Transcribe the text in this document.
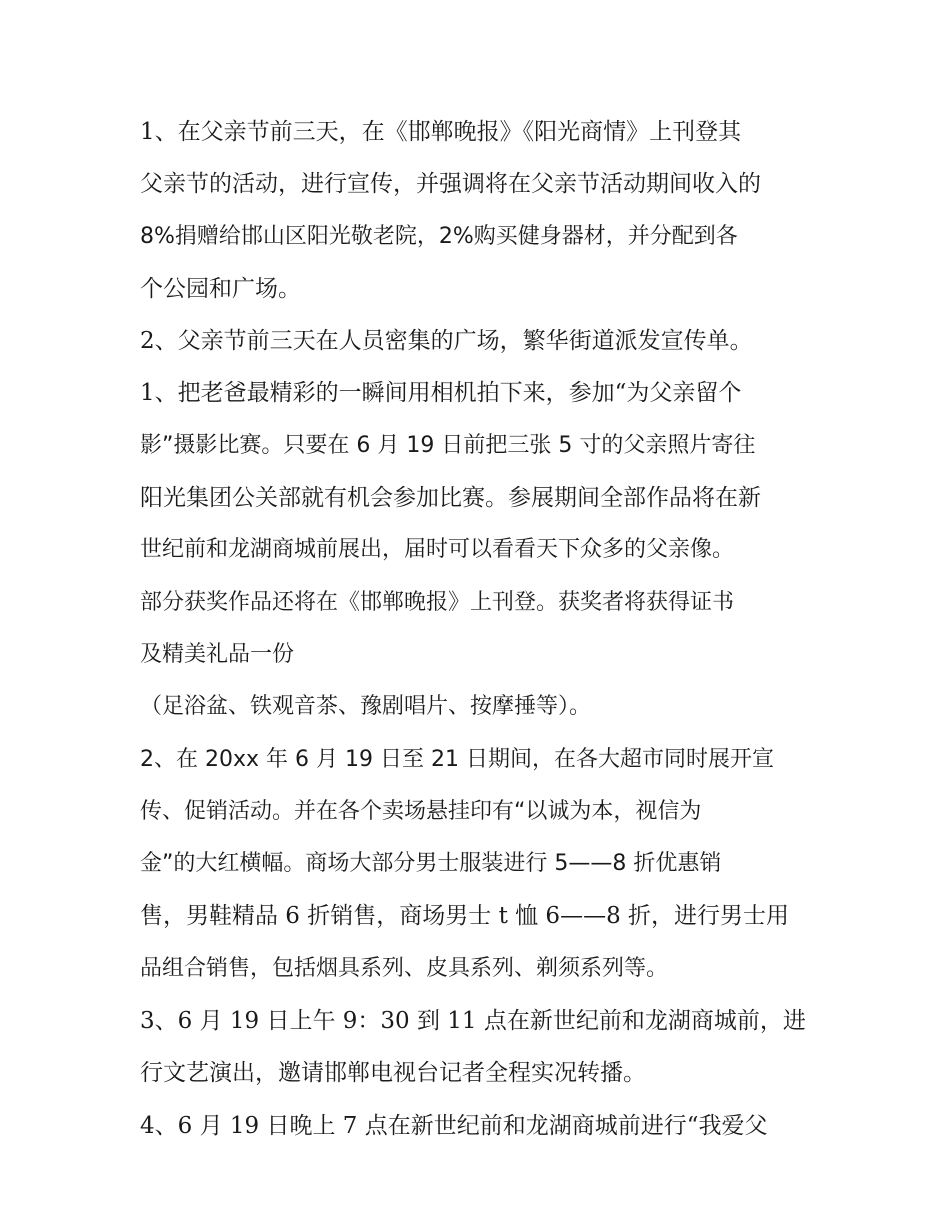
1、在父亲节前三天，在《邯郸晚报》《阳光商情》上刊登其
父亲节的活动，进行宣传，并强调将在父亲节活动期间收入的
8%捐赠给邯山区阳光敬老院，2%购买健身器材，并分配到各
个公园和广场。
2、父亲节前三天在人员密集的广场，繁华街道派发宣传单。
1、把老爸最精彩的一瞬间用相机拍下来，参加“为父亲留个
影”摄影比赛。只要在 6 月 19 日前把三张 5 寸的父亲照片寄往
阳光集团公关部就有机会参加比赛。参展期间全部作品将在新
世纪前和龙湖商城前展出，届时可以看看天下众多的父亲像。
部分获奖作品还将在《邯郸晚报》上刊登。获奖者将获得证书
及精美礼品一份
（足浴盆、铁观音茶、豫剧唱片、按摩捶等）。
2、在 20xx 年 6 月 19 日至 21 日期间，在各大超市同时展开宣
传、促销活动。并在各个卖场悬挂印有“以诚为本，视信为
金”的大红横幅。商场大部分男士服装进行 5——8 折优惠销
售，男鞋精品 6 折销售，商场男士 t 恤 6——8 折，进行男士用
品组合销售，包括烟具系列、皮具系列、剃须系列等。
3、6 月 19 日上午 9：30 到 11 点在新世纪前和龙湖商城前，进
行文艺演出，邀请邯郸电视台记者全程实况转播。
4、6 月 19 日晚上 7 点在新世纪前和龙湖商城前进行“我爱父
